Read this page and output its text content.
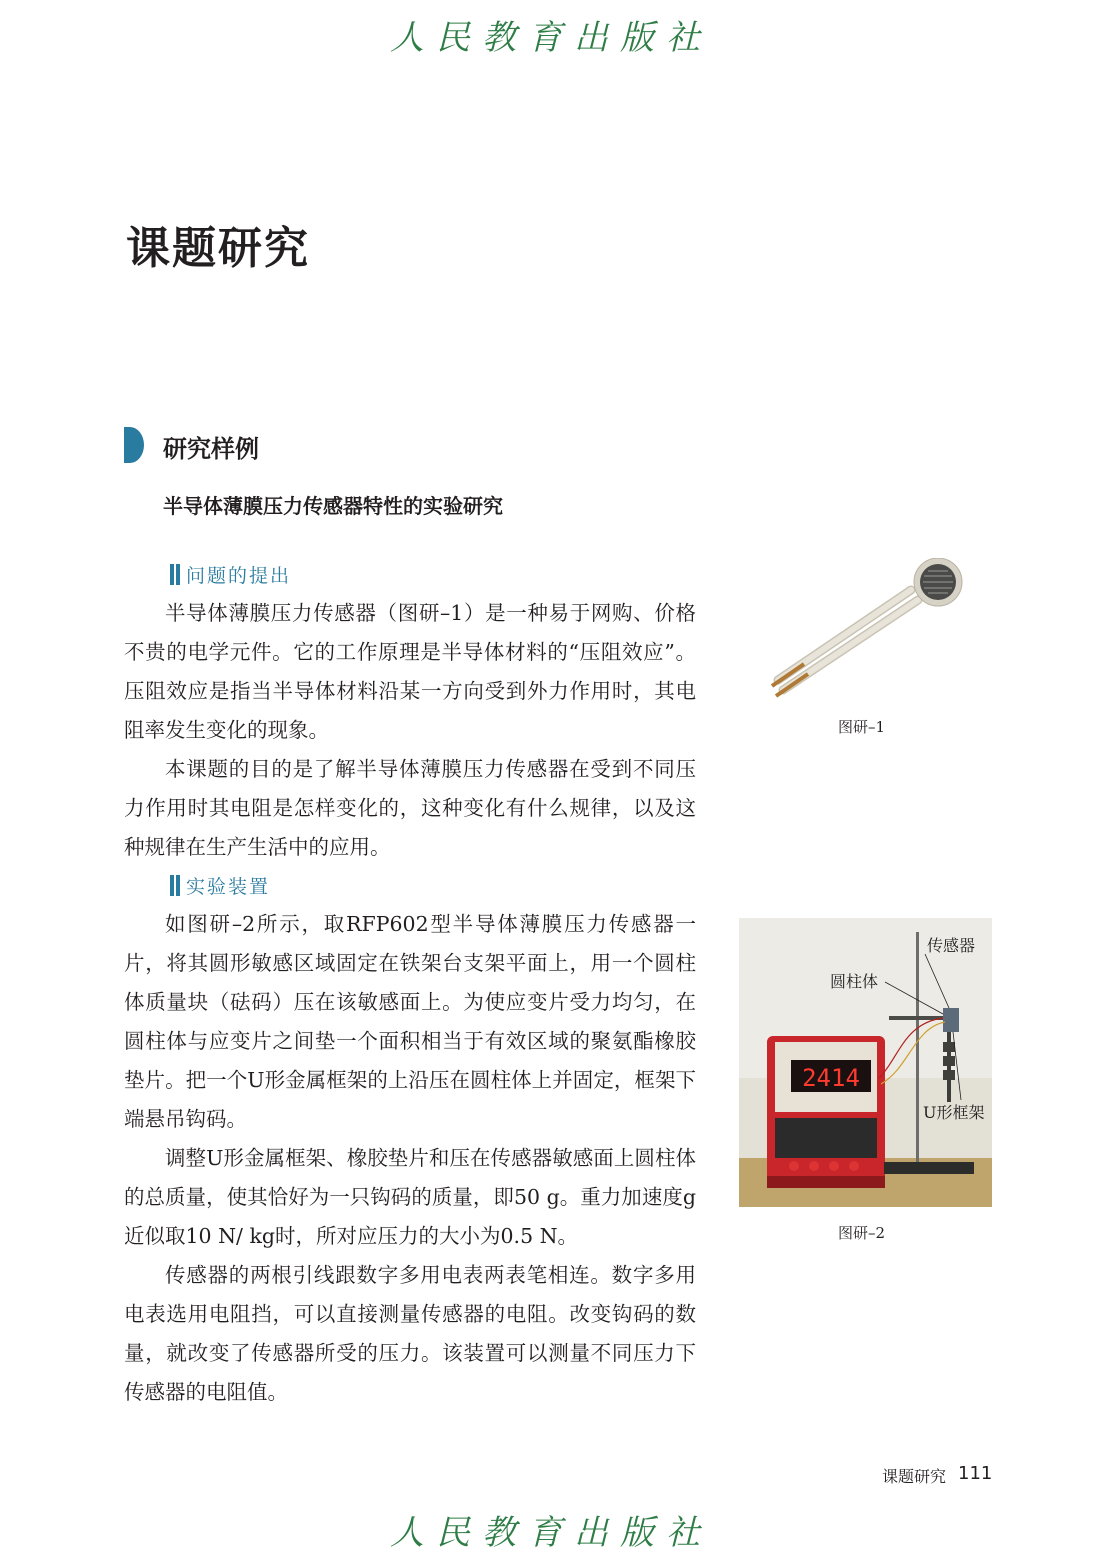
人民教育出版社
课题研究
研究样例
半导体薄膜压力传感器特性的实验研究
问题的提出

半导体薄膜压力传感器（图研–1）是一种易于网购、价格不贵的电学元件。它的工作原理是半导体材料的“压阻效应”。压阻效应是指当半导体材料沿某一方向受到外力作用时，其电阻率发生变化的现象。

本课题的目的是了解半导体薄膜压力传感器在受到不同压力作用时其电阻是怎样变化的，这种变化有什么规律，以及这种规律在生产生活中的应用。

实验装置

如图研–2所示，取RFP602型半导体薄膜压力传感器一片，将其圆形敏感区域固定在铁架台支架平面上，用一个圆柱体质量块（砝码）压在该敏感面上。为使应变片受力均匀，在圆柱体与应变片之间垫一个面积相当于有效区域的聚氨酯橡胶垫片。把一个U形金属框架的上沿压在圆柱体上并固定，框架下端悬吊钩码。

调整U形金属框架、橡胶垫片和压在传感器敏感面上圆柱体的总质量，使其恰好为一只钩码的质量，即50 g。重力加速度g近似取10 N/ kg时，所对应压力的大小为0.5 N。

传感器的两根引线跟数字多用电表两表笔相连。数字多用电表选用电阻挡，可以直接测量传感器的电阻。改变钩码的数量，就改变了传感器所受的压力。该装置可以测量不同压力下传感器的电阻值。

图研–1
2414
传感器
圆柱体
U形框架
图研–2
课题研究 111
人民教育出版社
